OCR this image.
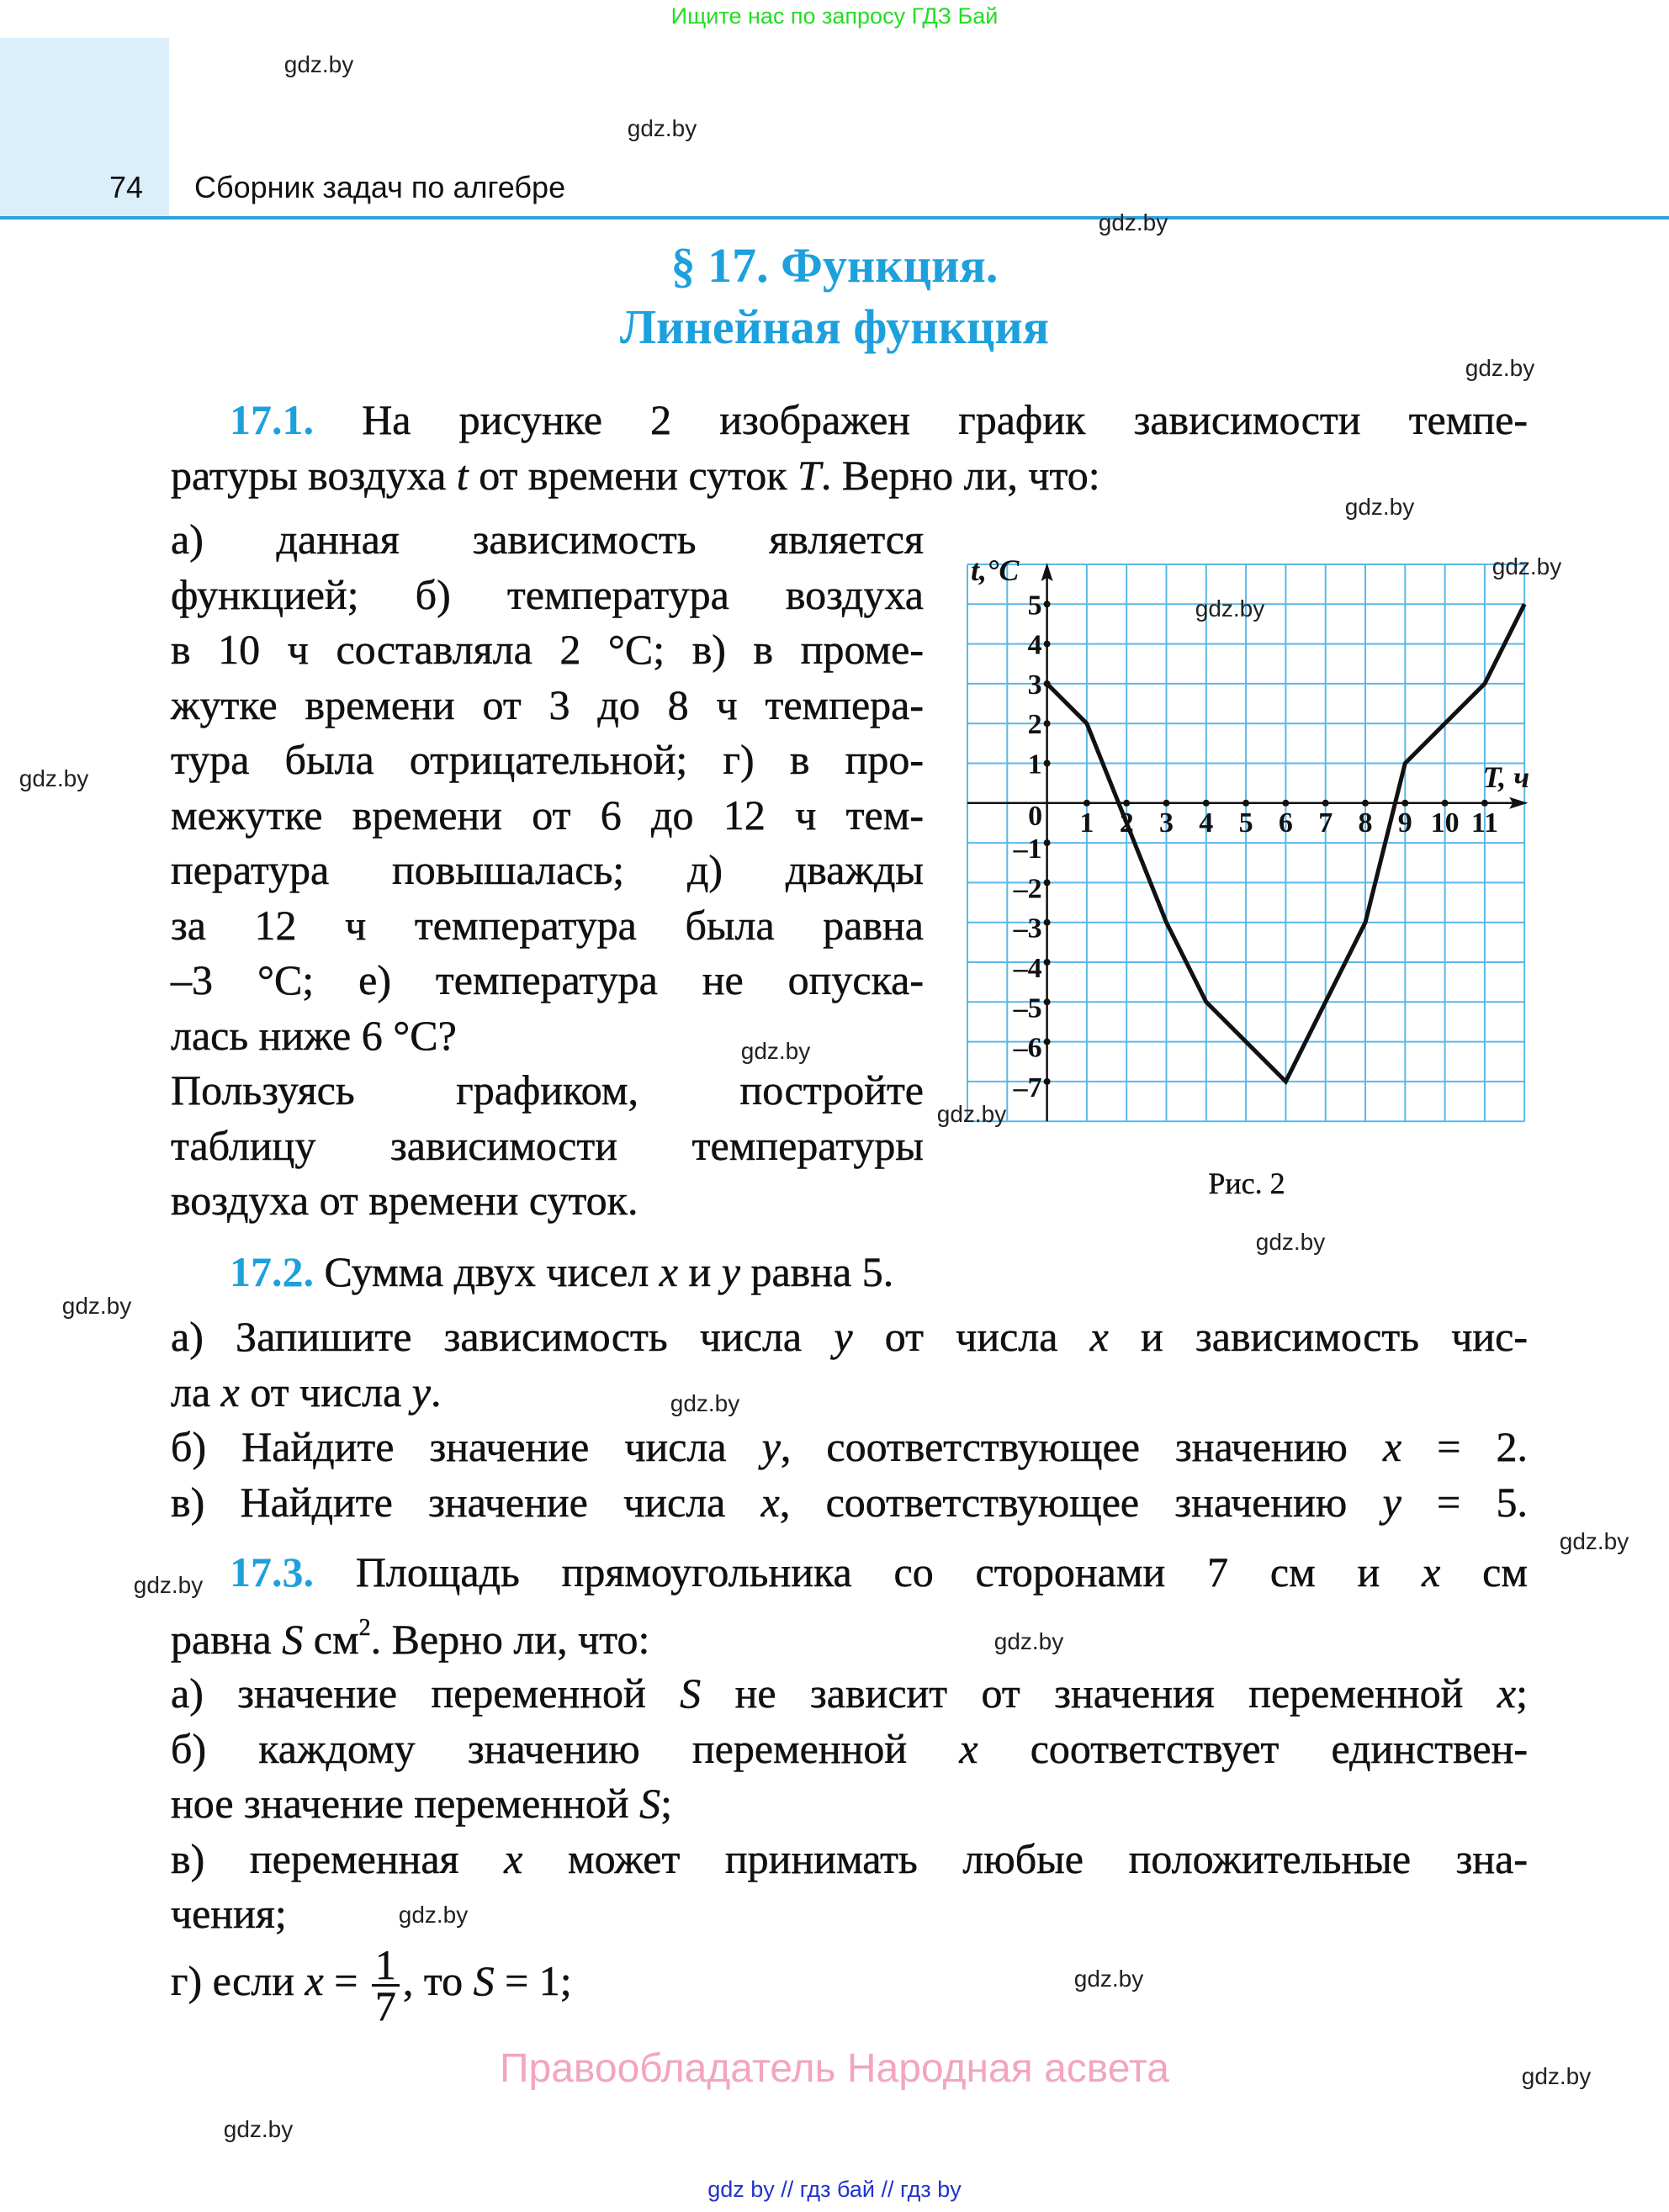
Ищите нас по запросу ГДЗ Бай
74 Сборник задач по алгебре
§ 17. Функция.
Линейная функция
17.1. На рисунке 2 изображен график зависимости темпе-
ратуры воздуха t от времени суток T. Верно ли, что:
а) данная зависимость является
функцией; б) температура воздуха
в 10 ч составляла 2 °С; в) в проме-
жутке времени от 3 до 8 ч темпера-
тура была отрицательной; г) в про-
межутке времени от 6 до 12 ч тем-
пература повышалась; д) дважды
за 12 ч температура была равна
–3 °С; е) температура не опуска-
лась ниже 6 °С?
Пользуясь графиком, постройте
таблицу зависимости температуры
воздуха от времени суток.
17.2. Сумма двух чисел x и y равна 5.
а) Запишите зависимость числа y от числа x и зависимость чис-
ла x от числа y.
б) Найдите значение числа y, соответствующее значению x = 2.
в) Найдите значение числа x, соответствующее значению y = 5.
17.3. Площадь прямоугольника со сторонами 7 см и x см
равна S $см^2$. Верно ли, что:
а) значение переменной S не зависит от значения переменной x;
б) каждому значению переменной x соответствует единствен-
ное значение переменной S;
в) переменная x может принимать любые положительные зна-
чения;
г) если $x = \frac{1}{7}$ , то S = 1;
1 2 3 4 5 6 7 8 9 10 11
0
5
4
3
2
1
–1
–2
–3
–4
–5
–6
–7
t,°С
T, ч
Рис. 2
gdz.by
gdz.by
gdz.by
gdz.by
gdz.by
gdz.by
gdz.by
gdz.by
gdz.by
gdz.by
gdz.by
gdz.by
gdz.by
gdz.by
gdz.by
gdz.by
gdz.by
gdz.by
gdz.by
gdz.by
Правообладатель Народная асвета
gdz by // гдз бай // гдз by
